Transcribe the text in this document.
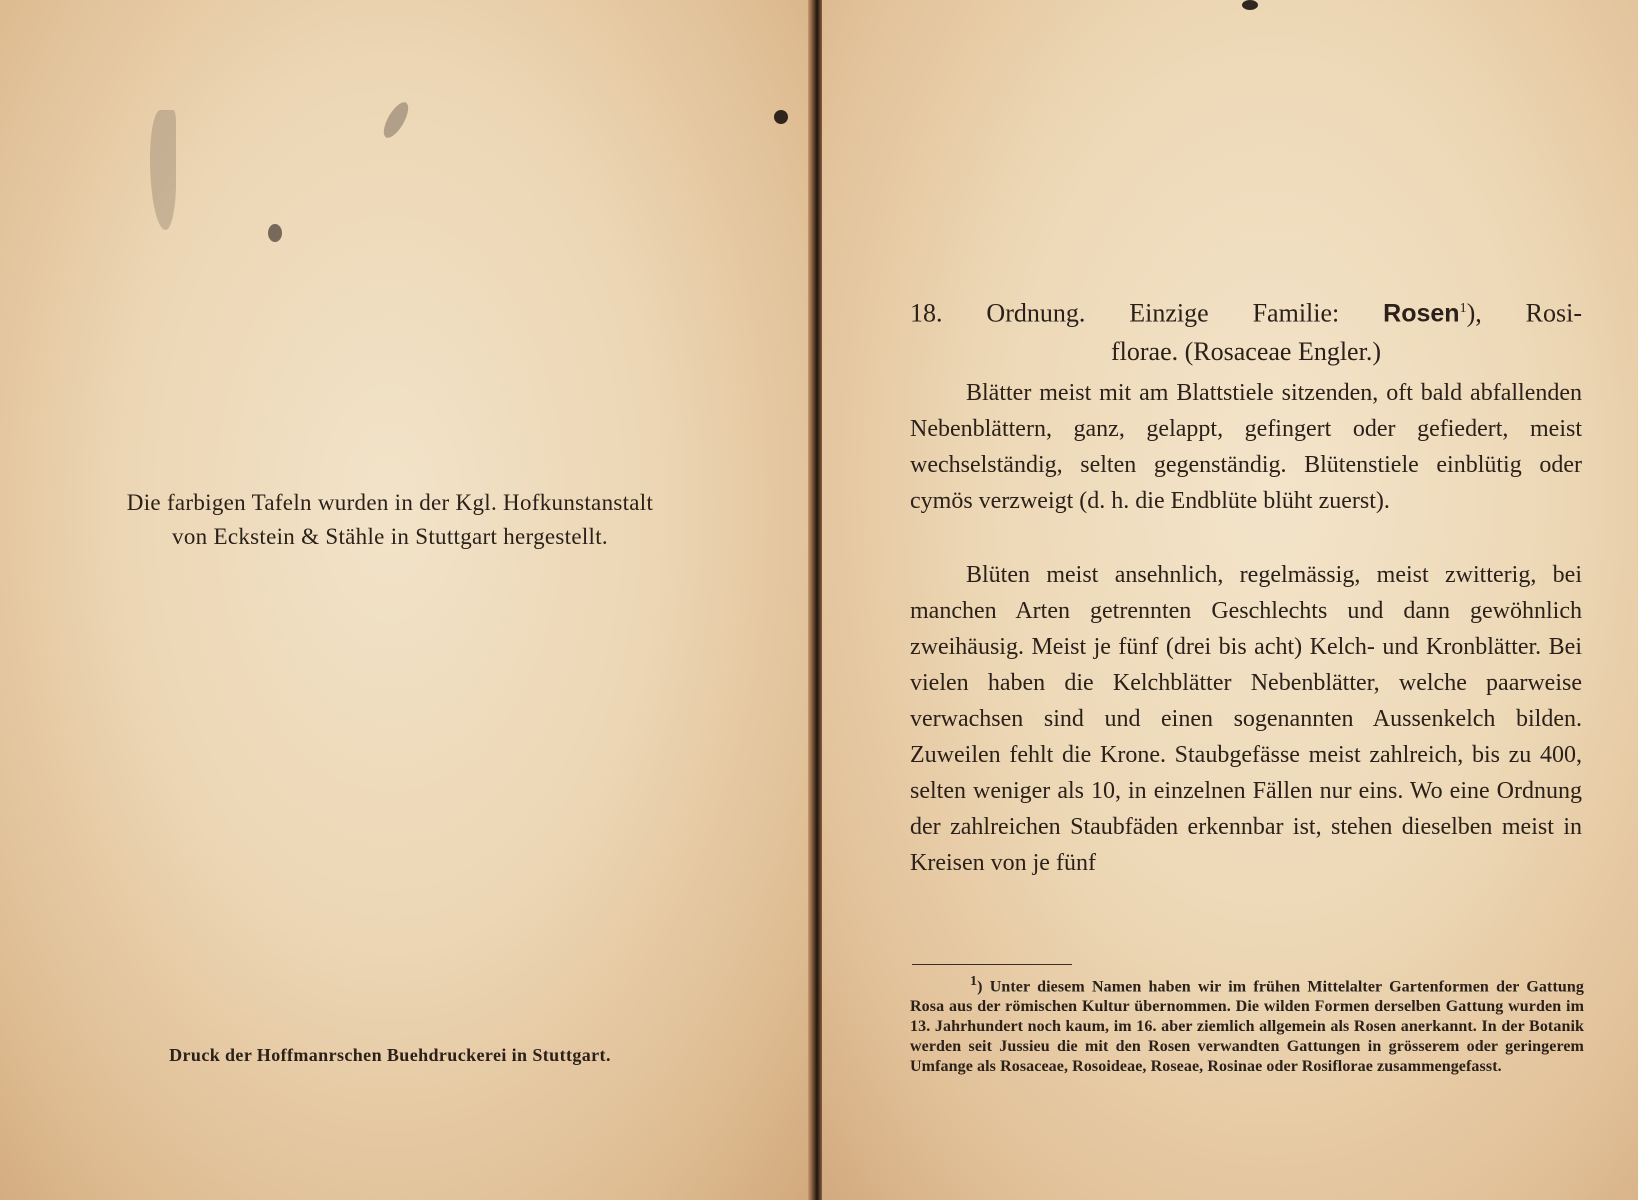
Die farbigen Tafeln wurden in der Kgl. Hofkunstanstalt
von Eckstein & Stähle in Stuttgart hergestellt.
Druck der Hoffmanrschen Buehdruckerei in Stuttgart.
18. Ordnung. Einzige Familie: Rosen$^1$), Rosi-
florae. (Rosaceae Engler.)

Blätter meist mit am Blattstiele sitzenden, oft bald abfallenden Nebenblättern, ganz, gelappt, gefingert oder gefiedert, meist wechselständig, selten gegenständig. Blütenstiele einblütig oder cymös verzweigt (d. h. die Endblüte blüht zuerst).

Blüten meist ansehnlich, regelmässig, meist zwitterig, bei manchen Arten getrennten Geschlechts und dann gewöhnlich zweihäusig. Meist je fünf (drei bis acht) Kelch- und Kronblätter. Bei vielen haben die Kelchblätter Nebenblätter, welche paarweise verwachsen sind und einen sogenannten Aussenkelch bilden. Zuweilen fehlt die Krone. Staubgefässe meist zahlreich, bis zu 400, selten weniger als 10, in einzelnen Fällen nur eins. Wo eine Ordnung der zahlreichen Staubfäden erkennbar ist, stehen dieselben meist in Kreisen von je fünf

$^1$) Unter diesem Namen haben wir im frühen Mittelalter Gartenformen der Gattung Rosa aus der römischen Kultur übernommen. Die wilden Formen derselben Gattung wurden im 13. Jahrhundert noch kaum, im 16. aber ziemlich allgemein als Rosen anerkannt. In der Botanik werden seit Jussieu die mit den Rosen verwandten Gattungen in grösserem oder geringerem Umfange als Rosaceae, Rosoideae, Roseae, Rosinae oder Rosiflorae zusammengefasst.
